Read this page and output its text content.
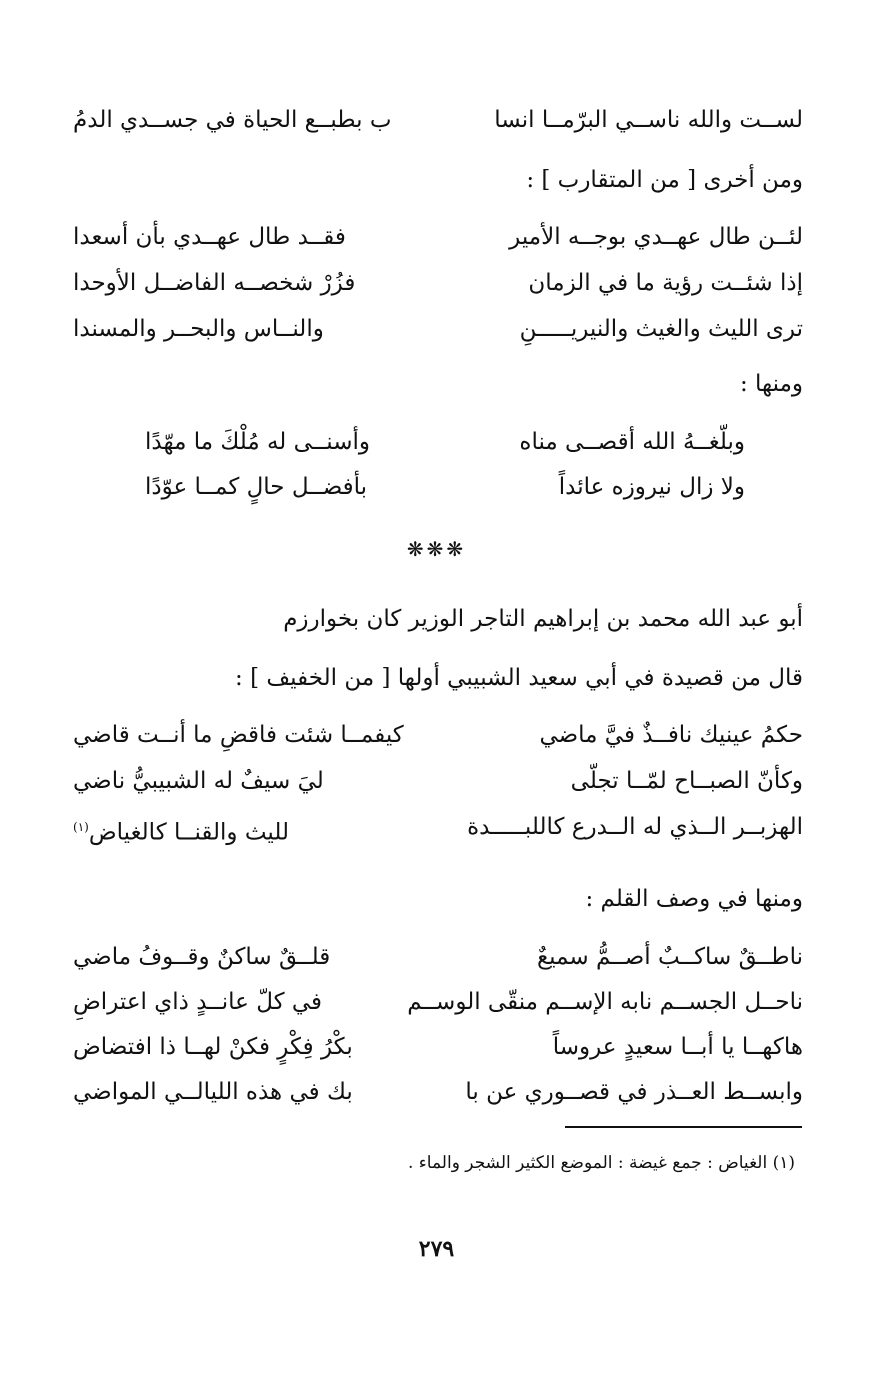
لســت والله ناســي البرّمــا انسا
ب بطبــع الحياة في جســدي الدمُ
ومن أخرى [ من المتقارب ] :
لئــن طال عهــدي بوجــه الأمير
فقــد طال عهــدي بأن أسعدا
إذا شئــت رؤية ما في الزمان
فزُرْ شخصــه الفاضــل الأوحدا
ترى الليث والغيث والنيريـــــنِ
والنــاس والبحــر والمسندا
ومنها :
وبلّغــهُ الله أقصــى مناه
وأسنــى له مُلْكَ ما مهّدًا
ولا زال نيروزه عائداً
بأفضــل حالٍ كمــا عوّدًا
❋❋❋
أبو عبد الله محمد بن إبراهيم التاجر الوزير كان بخوارزم
قال من قصيدة في أبي سعيد الشبيبي أولها [ من الخفيف ] :
حكمُ عينيك نافــذٌ فيَّ ماضي
كيفمــا شئت فاقضِ ما أنــت قاضي
وكأنّ الصبــاح لمّــا تجلّى
ليَ سيفٌ له الشبيبيُّ ناضي
الهزبــر الــذي له الــدرع كاللبـــــدة
لليث والقنــا كالغياض$^{(١)}$
ومنها في وصف القلم :
ناطــقٌ ساكــبٌ أصــمُّ سميعٌ
قلــقٌ ساكنٌ وقــوفُ ماضي
ناحــل الجســم نابه الإســم منقّى الوســم
في كلّ عانــدٍ ذاي اعتراضِ
هاكهــا يا أبــا سعيدٍ عروساً
بكْرُ فِكْرٍ فكنْ لهــا ذا افتضاض
وابســط العــذر في قصــوري عن با
بك في هذه الليالــي المواضي
(١) الغياض : جمع غيضة : الموضع الكثير الشجر والماء .
٢٧٩
